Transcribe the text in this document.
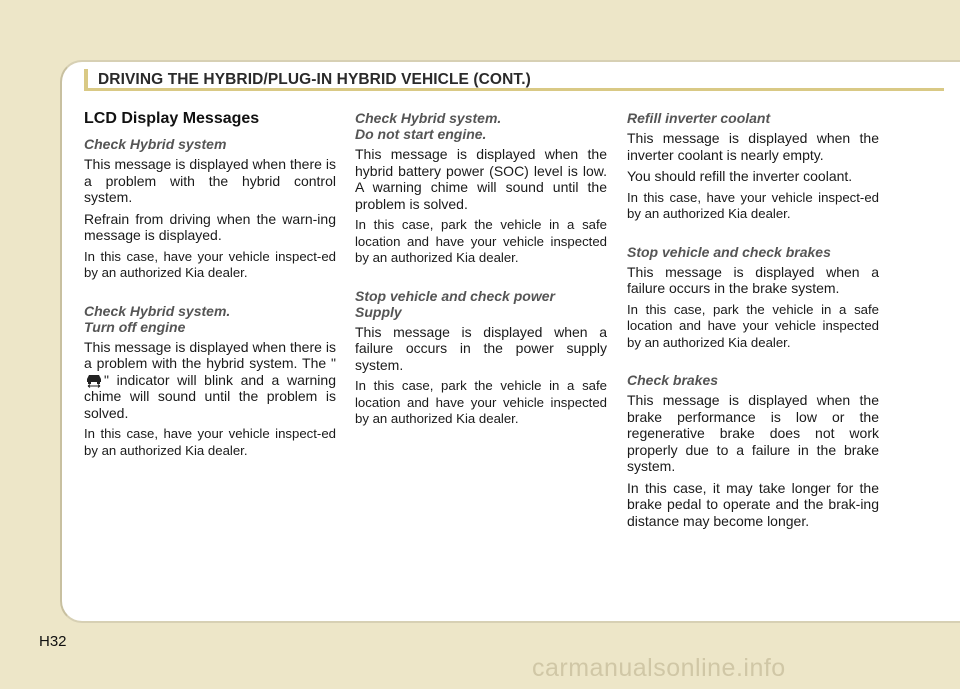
DRIVING THE HYBRID/PLUG-IN HYBRID VEHICLE (CONT.)
LCD Display Messages
Check Hybrid system

This message is displayed when there is a problem with the hybrid control system.

Refrain from driving when the warn-ing message is displayed.

In this case, have your vehicle inspect-ed by an authorized Kia dealer.

Check Hybrid system.
Turn off engine

This message is displayed when there is a problem with the hybrid system. The "" indicator will blink and a warning chime will sound until the problem is solved.

In this case, have your vehicle inspect-ed by an authorized Kia dealer.

Check Hybrid system.
Do not start engine.

This message is displayed when the hybrid battery power (SOC) level is low. A warning chime will sound until the problem is solved.

In this case, park the vehicle in a safe location and have your vehicle inspected by an authorized Kia dealer.

Stop vehicle and check power
Supply

This message is displayed when a failure occurs in the power supply system.

In this case, park the vehicle in a safe location and have your vehicle inspected by an authorized Kia dealer.

Refill inverter coolant

This message is displayed when the inverter coolant is nearly empty.

You should refill the inverter coolant.

In this case, have your vehicle inspect-ed by an authorized Kia dealer.

Stop vehicle and check brakes

This message is displayed when a failure occurs in the brake system.

In this case, park the vehicle in a safe location and have your vehicle inspected by an authorized Kia dealer.

Check brakes

This message is displayed when the brake performance is low or the regenerative brake does not work properly due to a failure in the brake system.

In this case, it may take longer for the brake pedal to operate and the brak-ing distance may become longer.

H32
carmanualsonline.info
